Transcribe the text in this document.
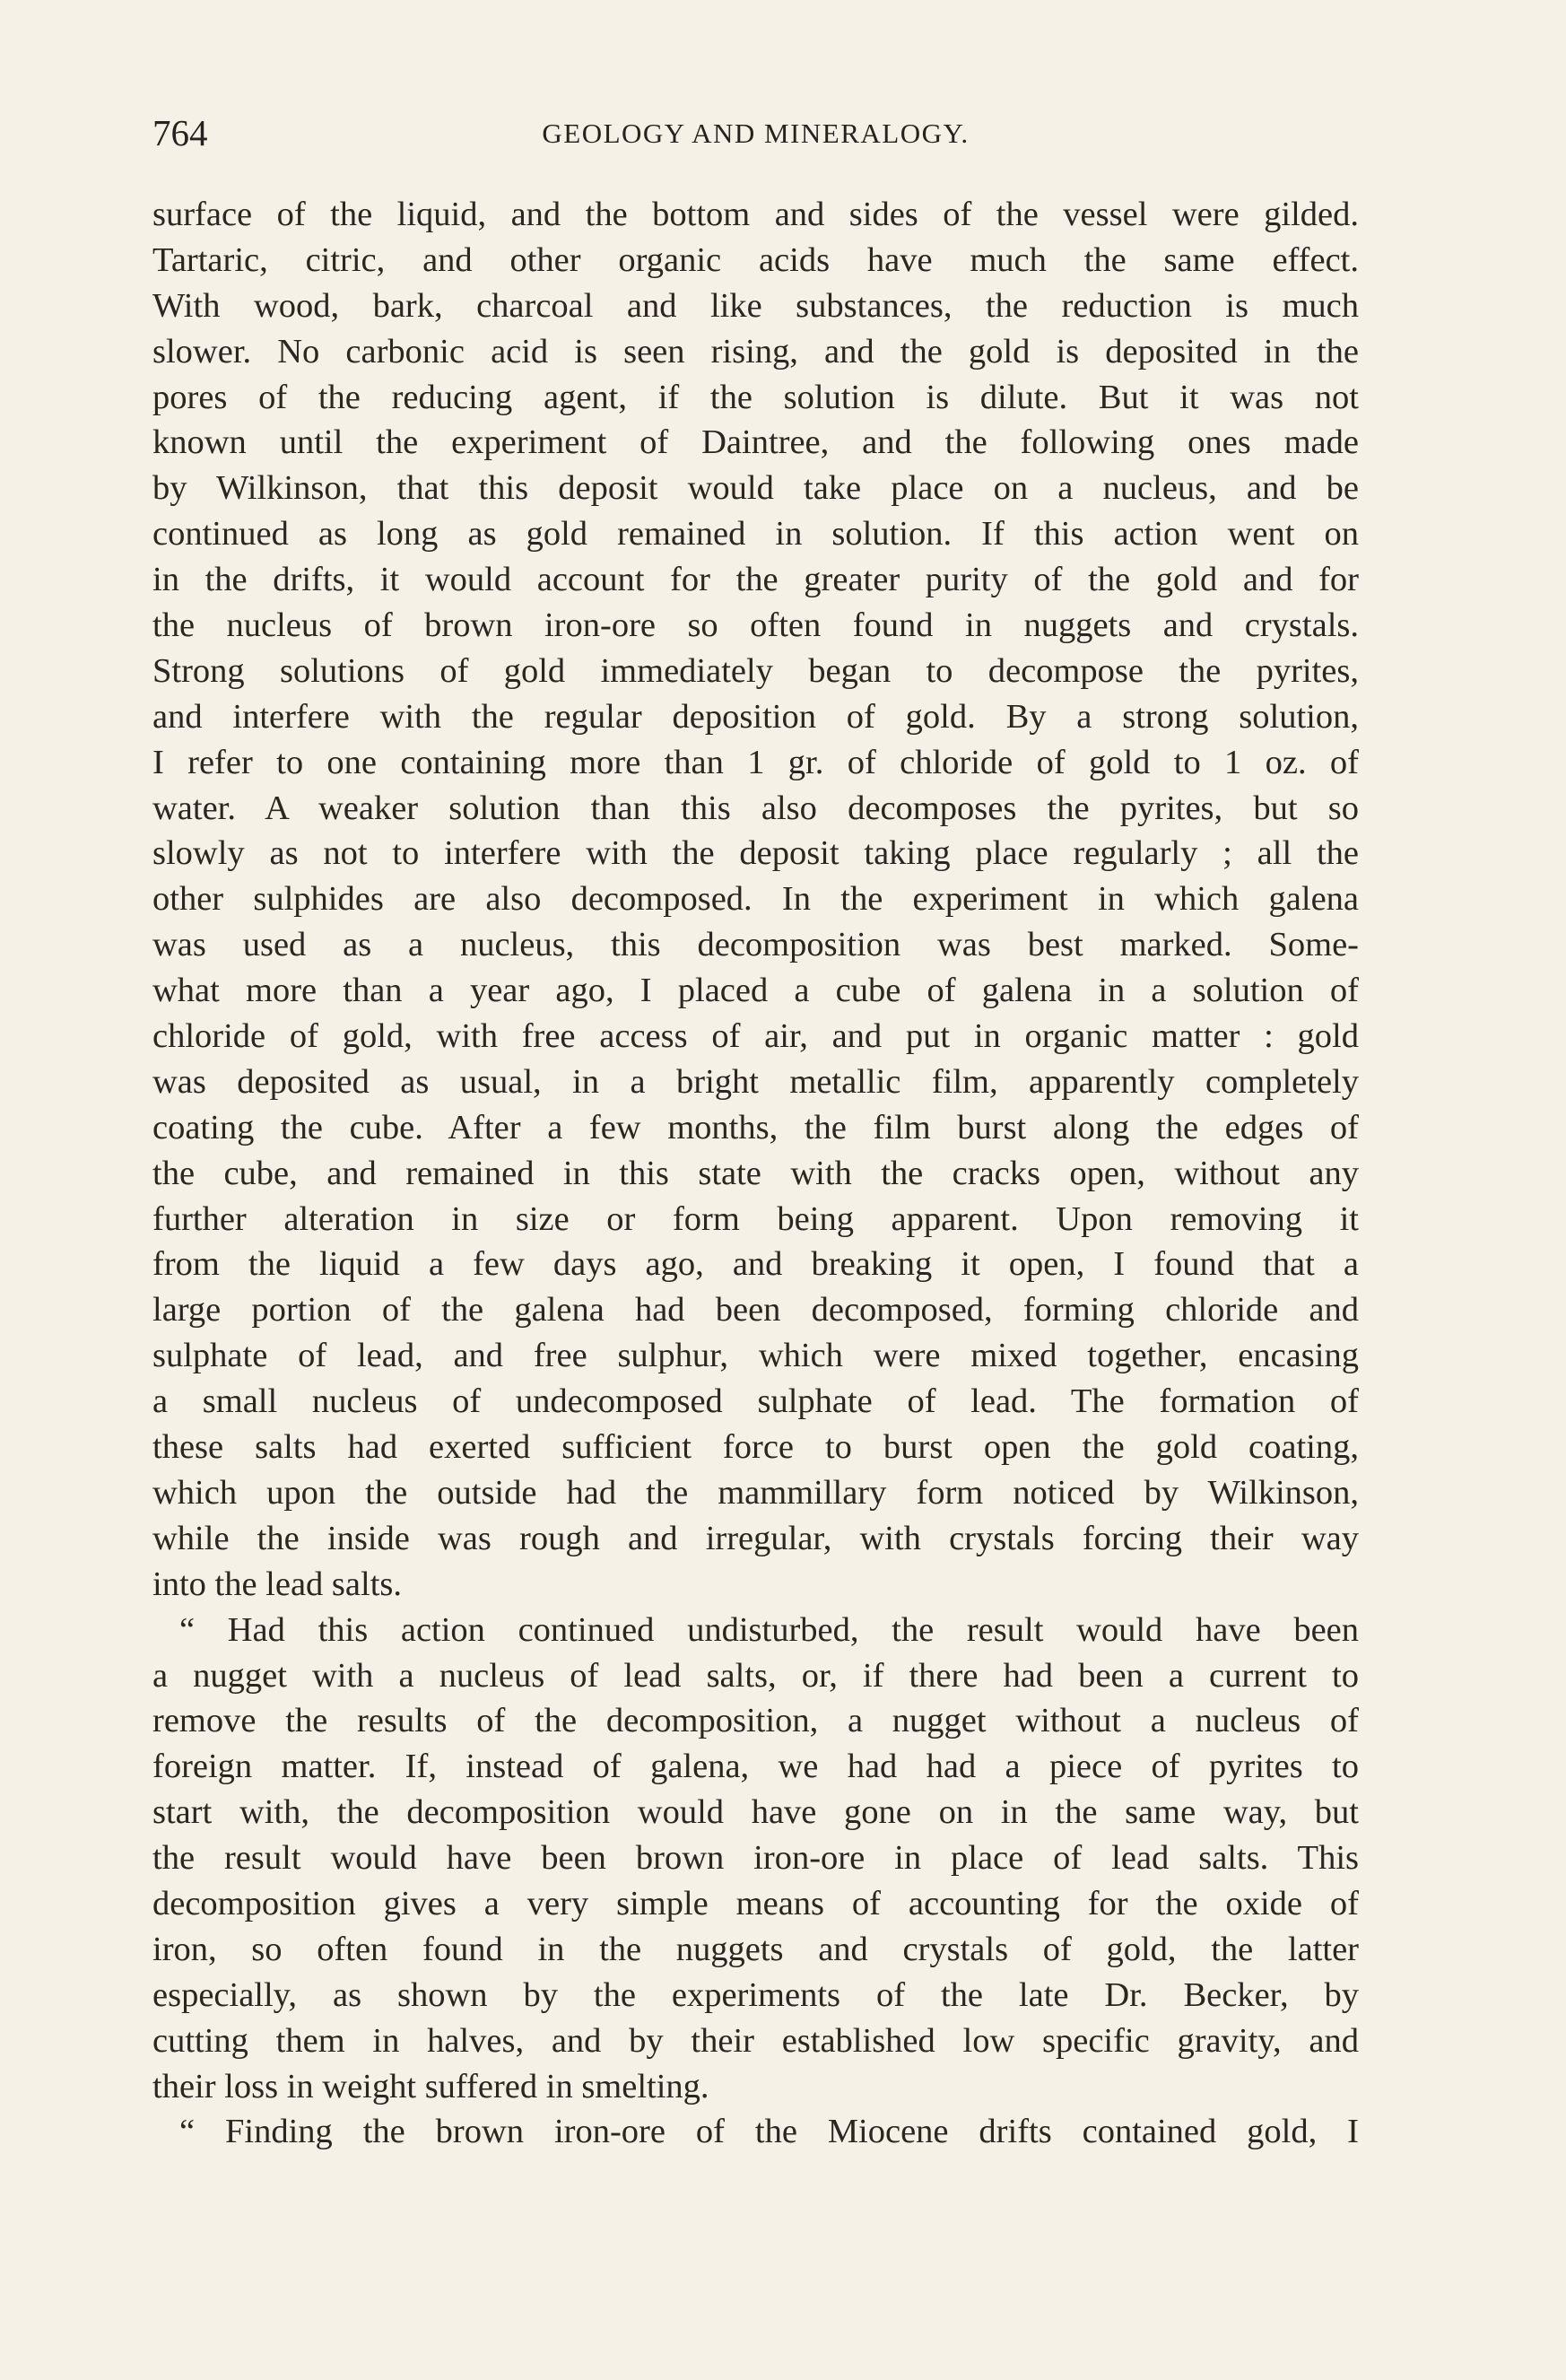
764	GEOLOGY AND MINERALOGY.
surface of the liquid, and the bottom and sides of the vessel were gilded.
Tartaric, citric, and other organic acids have much the same effect.
With wood, bark, charcoal and like substances, the reduction is much
slower. No carbonic acid is seen rising, and the gold is deposited in the
pores of the reducing agent, if the solution is dilute. But it was not
known until the experiment of Daintree, and the following ones made
by Wilkinson, that this deposit would take place on a nucleus, and be
continued as long as gold remained in solution. If this action went on
in the drifts, it would account for the greater purity of the gold and for
the nucleus of brown iron-ore so often found in nuggets and crystals.
Strong solutions of gold immediately began to decompose the pyrites,
and interfere with the regular deposition of gold. By a strong solution,
I refer to one containing more than 1 gr. of chloride of gold to 1 oz. of
water. A weaker solution than this also decomposes the pyrites, but so
slowly as not to interfere with the deposit taking place regularly ; all the
other sulphides are also decomposed. In the experiment in which galena
was used as a nucleus, this decomposition was best marked. Some-
what more than a year ago, I placed a cube of galena in a solution of
chloride of gold, with free access of air, and put in organic matter : gold
was deposited as usual, in a bright metallic film, apparently completely
coating the cube. After a few months, the film burst along the edges of
the cube, and remained in this state with the cracks open, without any
further alteration in size or form being apparent. Upon removing it
from the liquid a few days ago, and breaking it open, I found that a
large portion of the galena had been decomposed, forming chloride and
sulphate of lead, and free sulphur, which were mixed together, encasing
a small nucleus of undecomposed sulphate of lead. The formation of
these salts had exerted sufficient force to burst open the gold coating,
which upon the outside had the mammillary form noticed by Wilkinson,
while the inside was rough and irregular, with crystals forcing their way
into the lead salts.
“ Had this action continued undisturbed, the result would have been
a nugget with a nucleus of lead salts, or, if there had been a current to
remove the results of the decomposition, a nugget without a nucleus of
foreign matter. If, instead of galena, we had had a piece of pyrites to
start with, the decomposition would have gone on in the same way, but
the result would have been brown iron-ore in place of lead salts. This
decomposition gives a very simple means of accounting for the oxide of
iron, so often found in the nuggets and crystals of gold, the latter
especially, as shown by the experiments of the late Dr. Becker, by
cutting them in halves, and by their established low specific gravity, and
their loss in weight suffered in smelting.
“ Finding the brown iron-ore of the Miocene drifts contained gold, I
